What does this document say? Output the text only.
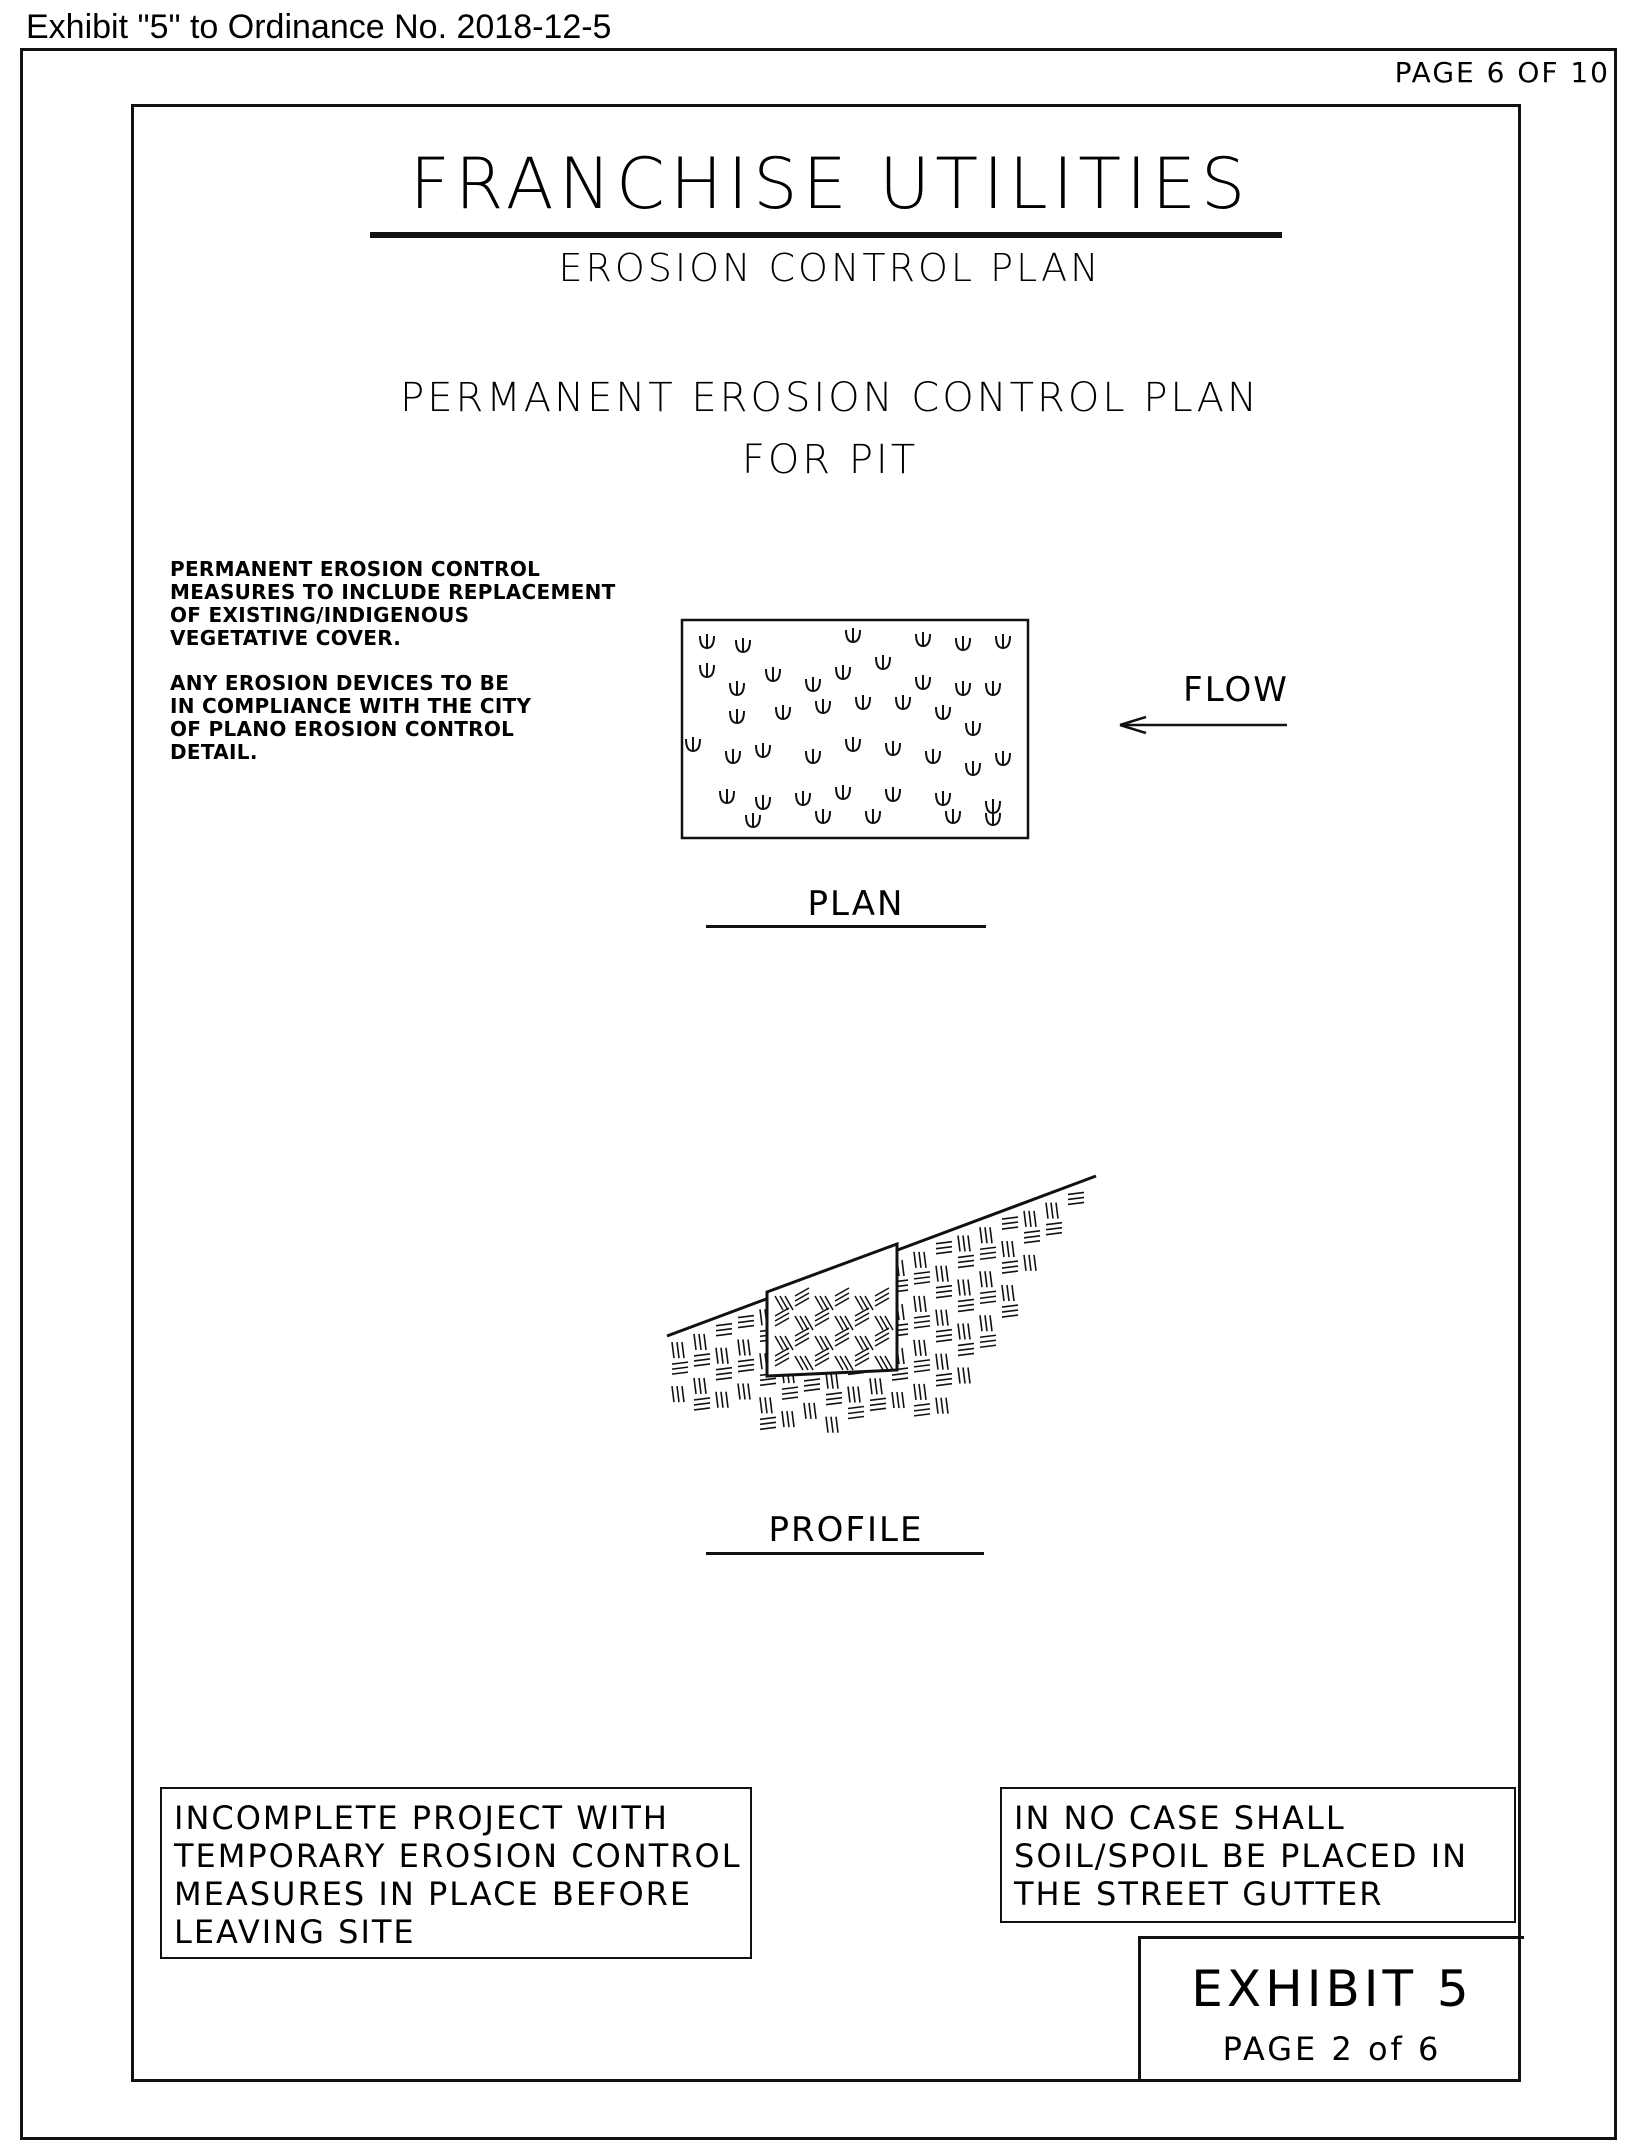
Exhibit "5" to Ordinance No. 2018-12-5
PAGE 6 OF 10
FRANCHISE UTILITIES
EROSION CONTROL PLAN
PERMANENT EROSION CONTROL PLAN
FOR PIT

PERMANENT EROSION CONTROL
MEASURES TO INCLUDE REPLACEMENT
OF EXISTING/INDIGENOUS
VEGETATIVE COVER.

ANY EROSION DEVICES TO BE
IN COMPLIANCE WITH THE CITY
OF PLANO EROSION CONTROL
DETAIL.

FLOW
PLAN
PROFILE
INCOMPLETE PROJECT WITH
TEMPORARY EROSION CONTROL
MEASURES IN PLACE BEFORE
LEAVING SITE
IN NO CASE SHALL
SOIL/SPOIL BE PLACED IN
THE STREET GUTTER
EXHIBIT 5
PAGE 2 of 6
